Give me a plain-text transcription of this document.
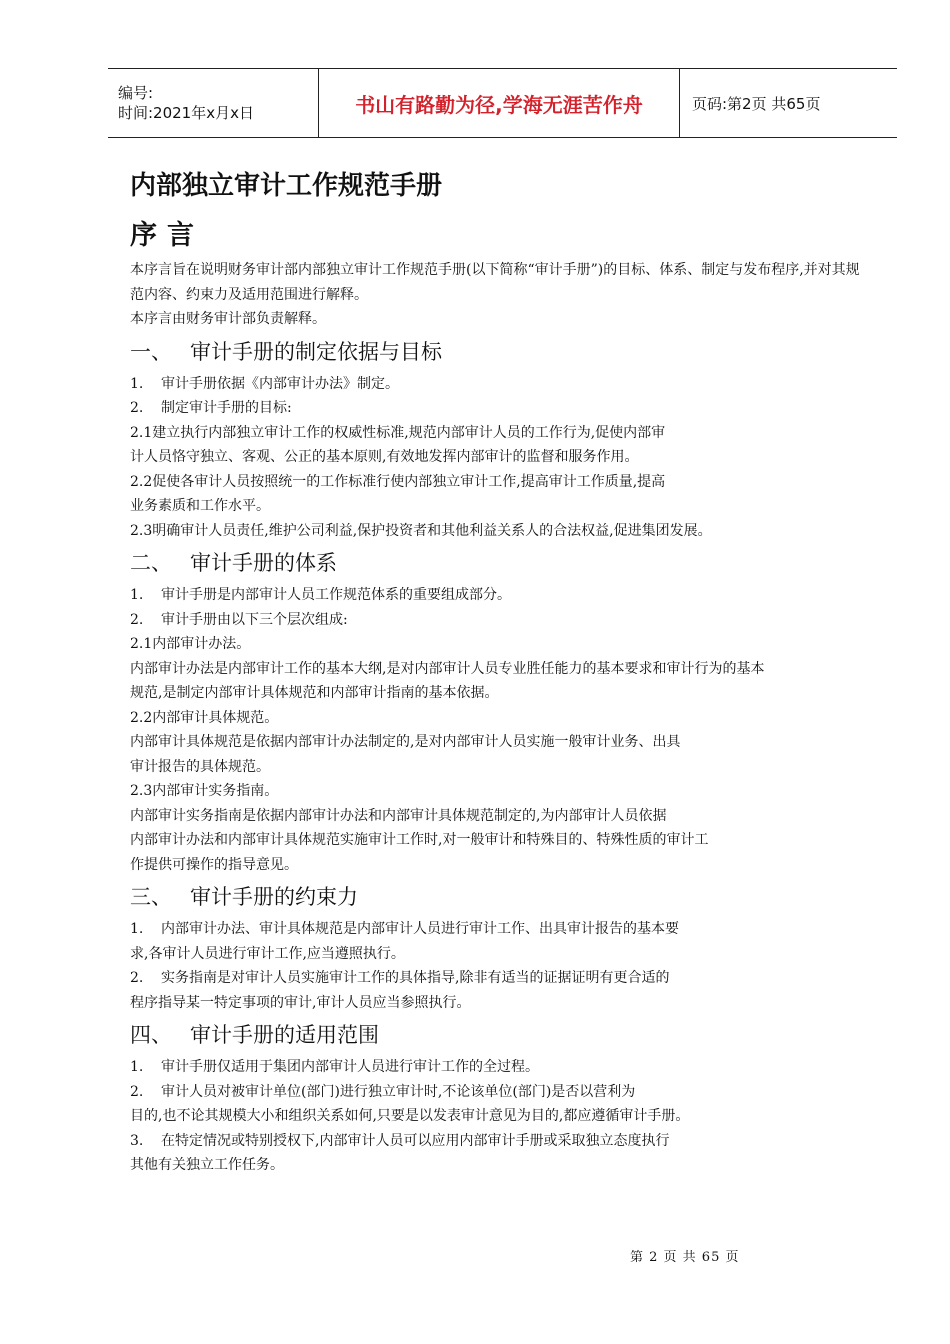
编号:
时间:2021年x月x日	书山有路勤为径,学海无涯苦作舟	页码:第2页 共65页
内部独立审计工作规范手册
序言

本序言旨在说明财务审计部内部独立审计工作规范手册(以下简称“审计手册”)的目标、体系、制定与发布程序,并对其规范内容、约束力及适用范围进行解释。

本序言由财务审计部负责解释。

一、 审计手册的制定依据与目标

1. 审计手册依据《内部审计办法》制定。

2. 制定审计手册的目标:

2.1建立执行内部独立审计工作的权威性标准,规范内部审计人员的工作行为,促使内部审

计人员恪守独立、客观、公正的基本原则,有效地发挥内部审计的监督和服务作用。

2.2促使各审计人员按照统一的工作标准行使内部独立审计工作,提高审计工作质量,提高

业务素质和工作水平。

2.3明确审计人员责任,维护公司利益,保护投资者和其他利益关系人的合法权益,促进集团发展。

二、 审计手册的体系

1. 审计手册是内部审计人员工作规范体系的重要组成部分。

2. 审计手册由以下三个层次组成:

2.1内部审计办法。

内部审计办法是内部审计工作的基本大纲,是对内部审计人员专业胜任能力的基本要求和审计行为的基本

规范,是制定内部审计具体规范和内部审计指南的基本依据。

2.2内部审计具体规范。

内部审计具体规范是依据内部审计办法制定的,是对内部审计人员实施一般审计业务、出具

审计报告的具体规范。

2.3内部审计实务指南。

内部审计实务指南是依据内部审计办法和内部审计具体规范制定的,为内部审计人员依据

内部审计办法和内部审计具体规范实施审计工作时,对一般审计和特殊目的、特殊性质的审计工

作提供可操作的指导意见。

三、 审计手册的约束力

1. 内部审计办法、审计具体规范是内部审计人员进行审计工作、出具审计报告的基本要

求,各审计人员进行审计工作,应当遵照执行。

2. 实务指南是对审计人员实施审计工作的具体指导,除非有适当的证据证明有更合适的

程序指导某一特定事项的审计,审计人员应当参照执行。

四、 审计手册的适用范围

1. 审计手册仅适用于集团内部审计人员进行审计工作的全过程。

2. 审计人员对被审计单位(部门)进行独立审计时,不论该单位(部门)是否以营利为

目的,也不论其规模大小和组织关系如何,只要是以发表审计意见为目的,都应遵循审计手册。

3. 在特定情况或特别授权下,内部审计人员可以应用内部审计手册或采取独立态度执行

其他有关独立工作任务。

第 2 页 共 65 页
